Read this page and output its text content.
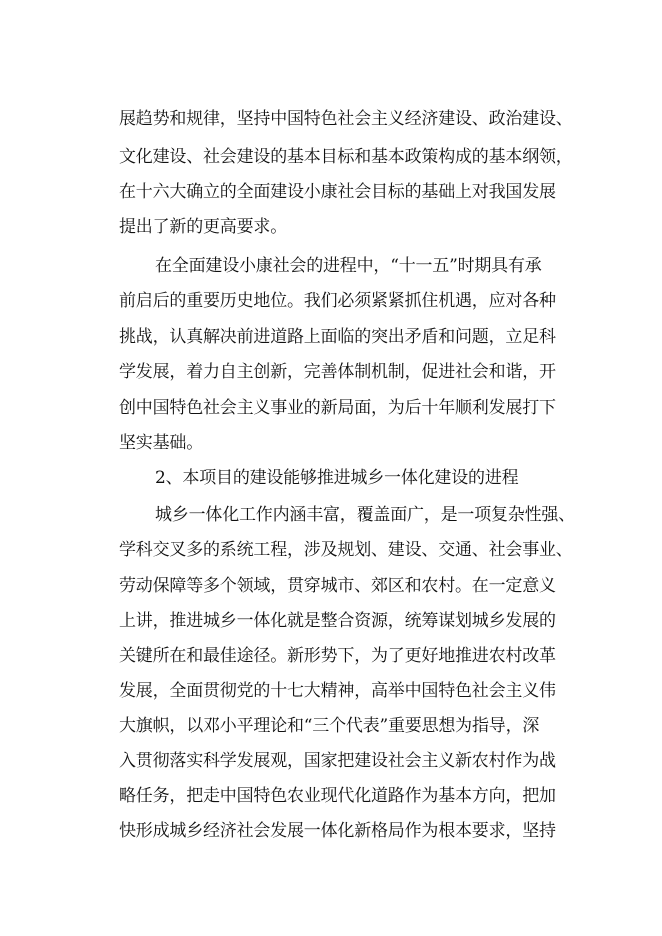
展趋势和规律，坚持中国特色社会主义经济建设、政治建设、

文化建设、社会建设的基本目标和基本政策构成的基本纲领，

在十六大确立的全面建设小康社会目标的基础上对我国发展

提出了新的更高要求。

在全面建设小康社会的进程中，“十一五”时期具有承

前启后的重要历史地位。我们必须紧紧抓住机遇，应对各种

挑战，认真解决前进道路上面临的突出矛盾和问题，立足科

学发展，着力自主创新，完善体制机制，促进社会和谐，开

创中国特色社会主义事业的新局面，为后十年顺利发展打下

坚实基础。

2、本项目的建设能够推进城乡一体化建设的进程

城乡一体化工作内涵丰富，覆盖面广，是一项复杂性强、

学科交叉多的系统工程，涉及规划、建设、交通、社会事业、

劳动保障等多个领域，贯穿城市、郊区和农村。在一定意义

上讲，推进城乡一体化就是整合资源，统筹谋划城乡发展的

关键所在和最佳途径。新形势下，为了更好地推进农村改革

发展，全面贯彻党的十七大精神，高举中国特色社会主义伟

大旗帜，以邓小平理论和“三个代表”重要思想为指导，深

入贯彻落实科学发展观，国家把建设社会主义新农村作为战

略任务，把走中国特色农业现代化道路作为基本方向，把加

快形成城乡经济社会发展一体化新格局作为根本要求，坚持
